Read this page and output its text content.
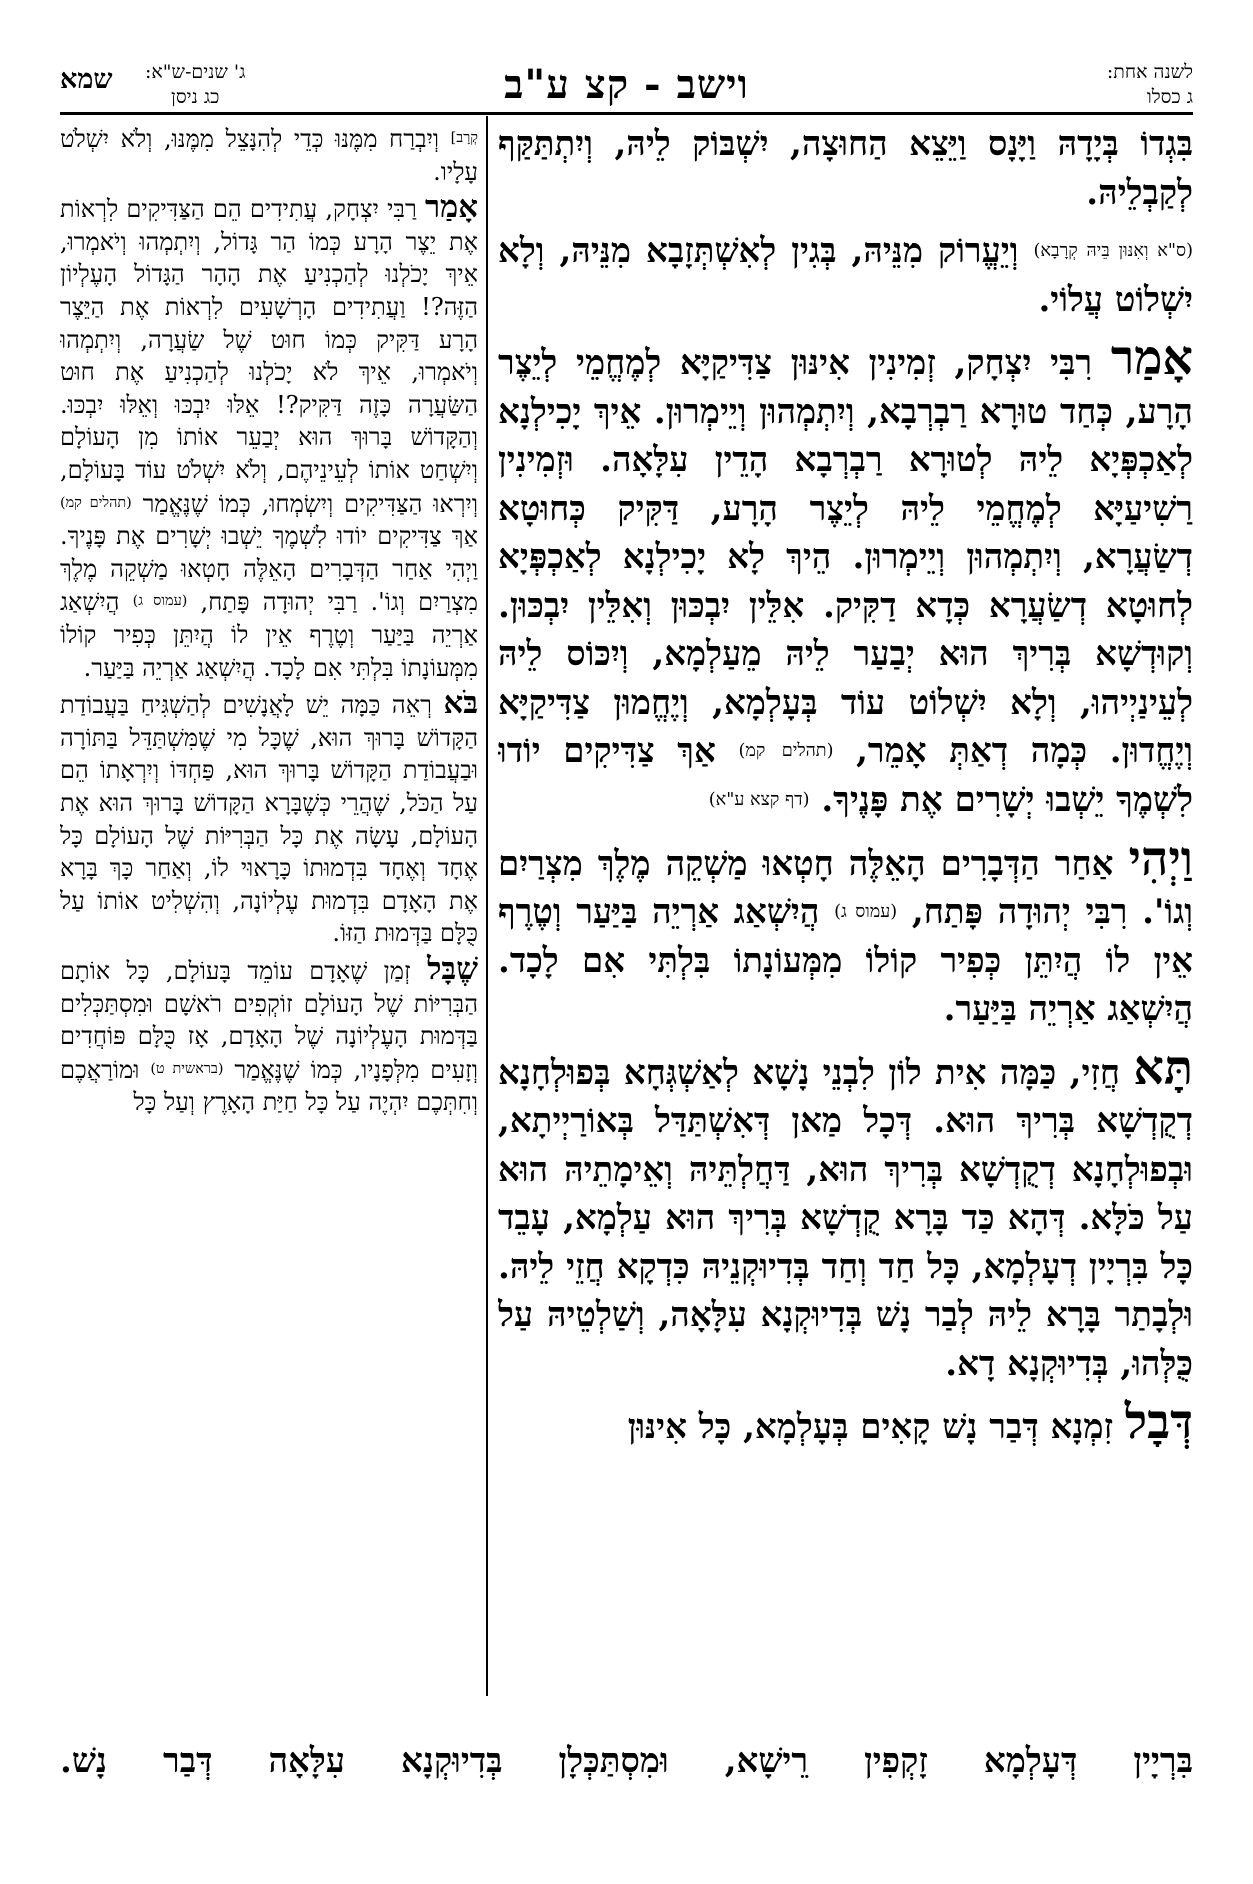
לשנה אחת:
ג כסלו
וישב - קצ ע"ב
ג' שנים-ש"א:
כג ניסן
שמא

בִּגְדוֹ בְּיָדָהּ וַיָּנָס וַיֵּצֵא הַחוּצָה, יִשְׁבּוֹק לֵיהּ, וְיִתְתַּקַּף לְקַבְלֵיהּ.

(ס"א וְאִנּוּן בֵּיהּ קְרָבָא) וְיֵעֱרוֹק מִנֵּיהּ, בְּגִין לְאִשְׁתְּזָבָא מִנֵּיהּ, וְלָא יִשְׁלוֹט עֲלוֹי.

אָמַר רִבִּי יִצְחָק, זְמִינִין אִינּוּן צַדִּיקַיָּא לְמֶחֱמֵי לְיֵצֶר הָרָע, כְּחַד טוּרָא רַבְרְבָא, וְיִתְמְהוּן וְיֵימְרוּן. אֵיךְ יָכִילְנָא לְאַכְפְּיָא לֵיהּ לְטוּרָא רַבְרְבָא הָדֵין עִלָּאָה. וּזְמִינִין רַשִׁיעַיָּא לְמֶחֱמֵי לֵיהּ לְיֵצֶר הָרָע, דַּקִּיק כְּחוּטָא דְשַׂעֲרָא, וְיִתְמְהוּן וְיֵימְרוּן. הֵיךְ לָא יָכִילְנָא לְאַכְפְּיָא לְחוּטָא דְשַׂעֲרָא כְּדָא דַקִּיק. אִלֵּין יִבְכּוּן וְאִלֵּין יִבְכּוּן. וְקוּדְשָׁא בְּרִיךְ הוּא יְבַעַר לֵיהּ מֵעַלְמָא, וְיִכּוֹס לֵיהּ לְעֵינַיְיהוּ, וְלָא יִשְׁלוֹט עוֹד בְּעָלְמָא, וְיֶחֱמוּן צַדִּיקַיָּא וְיֶחֱדוּן. כְּמָה דְאַתְּ אָמֵר, (תהלים קמ) אַךְ צַדִּיקִים יוֹדוּ לִשְׁמֶךָ יֵשְׁבוּ יְשָׁרִים אֶת פָּנֶיךָ. (דף קצא ע"א)

וַיְהִי אַחַר הַדְּבָרִים הָאֵלֶּה חָטְאוּ מַשְׁקֵה מֶלֶךְ מִצְרַיִם וְגוֹ'. רִבִּי יְהוּדָה פָּתַח, (עמוס ג) הֲיִשְׁאַג אַרְיֵה בַּיַּעַר וְטֶרֶף אֵין לוֹ הֲיִתֵּן כְּפִיר קוֹלוֹ מִמְּעוֹנָתוֹ בִּלְתִּי אִם לָכָד. הֲיִשְׁאַג אַרְיֵה בַּיַּעַר.

תָּא חֲזִי, כַּמָּה אִית לוֹן לִבְנֵי נָשָׁא לְאַשְׁגְּחָא בְּפוּלְחָנָא דְקֻדְשָׁא בְּרִיךְ הוּא. דְּכָל מַאן דְּאִשְׁתַּדַּל בְּאוֹרַיְיתָא, וּבְפוּלְחָנָא דְקֻדְשָׁא בְּרִיךְ הוּא, דַּחֲלְתֵּיהּ וְאֵימָתֵיהּ הוּא עַל כֹּלָּא. דְּהָא כַּד בָּרָא קֻדְשָׁא בְּרִיךְ הוּא עַלְמָא, עָבֵד כָּל בִּרְיָין דְעָלְמָא, כָּל חַד וְחַד בְּדִיוּקְנֵיהּ כִּדְקָא חֲזֵי לֵיהּ. וּלְבָתַר בָּרָא לֵיהּ לְבַר נָשׁ בְּדִיוּקְנָא עִלָּאָה, וְשַׁלְטֵיהּ עַל כֻּלְּהוּ, בְּדִיוּקְנָא דָא.

דְּבָל זִמְנָא דְּבַר נָשׁ קָאִים בְּעָלְמָא, כָּל אִינּוּן

$^{קְרָב]}$ וְיִבְרַח מִמֶּנּוּ כְּדֵי לְהִנָּצֵל מִמֶּנּוּ, וְלֹא יִשְׁלֹט עָלָיו.

אָמַר רַבִּי יִצְחָק, עֲתִידִים הֵם הַצַּדִּיקִים לִרְאוֹת אֶת יֵצֶר הָרָע כְּמוֹ הַר גָּדוֹל, וְיִתְמְהוּ וְיֹאמְרוּ, אֵיךְ יָכֹלְנוּ לְהַכְנִיעַ אֶת הָהָר הַגָּדוֹל הָעֶלְיוֹן הַזֶּה?! וַעֲתִידִים הָרְשָׁעִים לִרְאוֹת אֶת הַיֵּצֶר הָרָע דַּקִּיק כְּמוֹ חוּט שֶׁל שַׂעֲרָה, וְיִתְמְהוּ וְיֹאמְרוּ, אֵיךְ לֹא יָכֹלְנוּ לְהַכְנִיעַ אֶת חוּט הַשַּׂעֲרָה כָּזֶה דַּקִּיק?! אֵלּוּ יִבְכּוּ וְאֵלּוּ יִבְכּוּ. וְהַקָּדוֹשׁ בָּרוּךְ הוּא יְבַעֵר אוֹתוֹ מִן הָעוֹלָם וְיִשְׁחַט אוֹתוֹ לְעֵינֵיהֶם, וְלֹא יִשְׁלֹט עוֹד בָּעוֹלָם, וְיִרְאוּ הַצַּדִּיקִים וְיִשְׂמְחוּ, כְּמוֹ שֶׁנֶּאֱמַר $^{(תהלים קמ)}$ אַךְ צַדִּיקִים יוֹדוּ לִשְׁמֶךָ יֵשְׁבוּ יְשָׁרִים אֶת פָּנֶיךָ. וַיְהִי אַחַר הַדְּבָרִים הָאֵלֶּה חָטְאוּ מַשְׁקֵה מֶלֶךְ מִצְרַיִם וְגוֹ'. רַבִּי יְהוּדָה פָּתַח, $^{(עמוס ג)}$ הֲיִשְׁאַג אַרְיֵה בַּיַּעַר וְטֶרֶף אֵין לוֹ הֲיִתֵּן כְּפִיר קוֹלוֹ מִמְּעוֹנָתוֹ בִּלְתִּי אִם לָכָד. הֲיִשְׁאַג אַרְיֵה בַּיַּעַר.

בֹּא רְאֵה כַּמָּה יֵשׁ לָאֲנָשִׁים לְהַשְׁגִּיחַ בַּעֲבוֹדַת הַקָּדוֹשׁ בָּרוּךְ הוּא, שֶׁכָּל מִי שֶׁמִּשְׁתַּדֵּל בַּתּוֹרָה וּבַעֲבוֹדַת הַקָּדוֹשׁ בָּרוּךְ הוּא, פַּחְדּוֹ וְיִרְאָתוֹ הֵם עַל הַכֹּל, שֶׁהֲרֵי כְּשֶׁבָּרָא הַקָּדוֹשׁ בָּרוּךְ הוּא אֶת הָעוֹלָם, עָשָׂה אֶת כָּל הַבְּרִיּוֹת שֶׁל הָעוֹלָם כָּל אֶחָד וְאֶחָד בִּדְמוּתוֹ כָּרָאוּי לוֹ, וְאַחַר כָּךְ בָּרָא אֶת הָאָדָם בִּדְמוּת עֶלְיוֹנָה, וְהִשְׁלִיט אוֹתוֹ עַל כֻּלָּם בַּדְּמוּת הַזּוֹ.

שֶׁבָּל זְמַן שֶׁאָדָם עוֹמֵד בָּעוֹלָם, כָּל אוֹתָם הַבְּרִיּוֹת שֶׁל הָעוֹלָם זוֹקְפִים רֹאשָׁם וּמִסְתַּכְּלִים בַּדְּמוּת הָעֶלְיוֹנָה שֶׁל הָאָדָם, אָז כֻּלָּם פּוֹחֲדִים וְזָעִים מִלְּפָנָיו, כְּמוֹ שֶׁנֶּאֱמַר $^{(בראשית ט)}$ וּמוֹרַאֲכֶם וְחִתְּכֶם יִהְיֶה עַל כָּל חַיַּת הָאָרֶץ וְעַל כָּל

בִּרְיָין דְּעָלְמָא זָקְפִין רֵישָׁא, וּמִסְתַּכְּלָן בְּדִיוּקְנָא עִלָּאָה דְּבַר נָשׁ.
